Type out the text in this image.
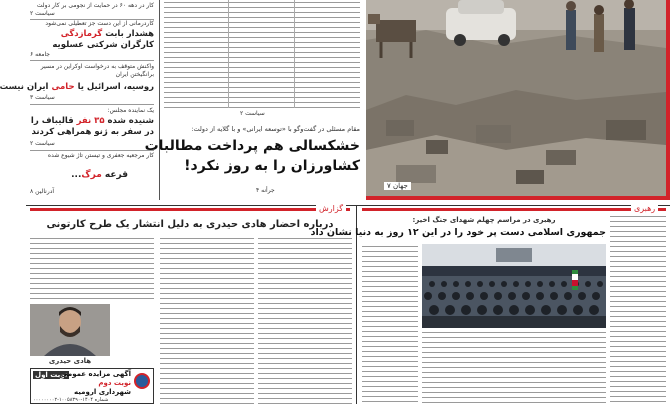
کار در دهه ۶۰ در حمایت از نجومی بر کار دولت
سیاست ۲
کاردرمانی از این دست جز تعطیلی نمی‌شود
هشدار بابت گرمازدگی
کارگران شرکتی عسلویه
جامعه ۶
واکنش متوقف به درخواست اوکراین در مسیر برانگیختن ایران
روسیه، اسرائیل یا حامی ایران نیست
سیاست ۳
یک نماینده مجلس:
شنیده شده ۳۵ نفر قالیباف را
در سفر به ژنو همراهی کردند
سیاست ۲
کار مرجعیه جعفری و تیستن تاژ شیوع شده
قرعه مرگ...
آدرنالین ۸
سیاست ۲
مقام مسئلی در گفت‌وگو با «توسعه ایرانی» و با گلایه از دولت:
خشکسالی هم پرداخت مطالبات
کشاورزان را به روز نکرد!
جرأنه ۴
جهان ۷
گزارش
درباره احضار هادی حیدری به دلیل انتشار یک طرح کارتونی
هادی حیدری
نوبت اول
آگهی مزایده عمومی
نوبت دوم
شهرداری ارومیه
شماره ۱۴۰۴-۱۰۰۵۸۳۹۰-۰۰۰۰۰۰۰۰۲
رهبری
رهبری در مراسم چهلم شهدای جنگ اخیر:
جمهوری اسلامی دست پر خود را در این ۱۲ روز به دنیا نشان داد
